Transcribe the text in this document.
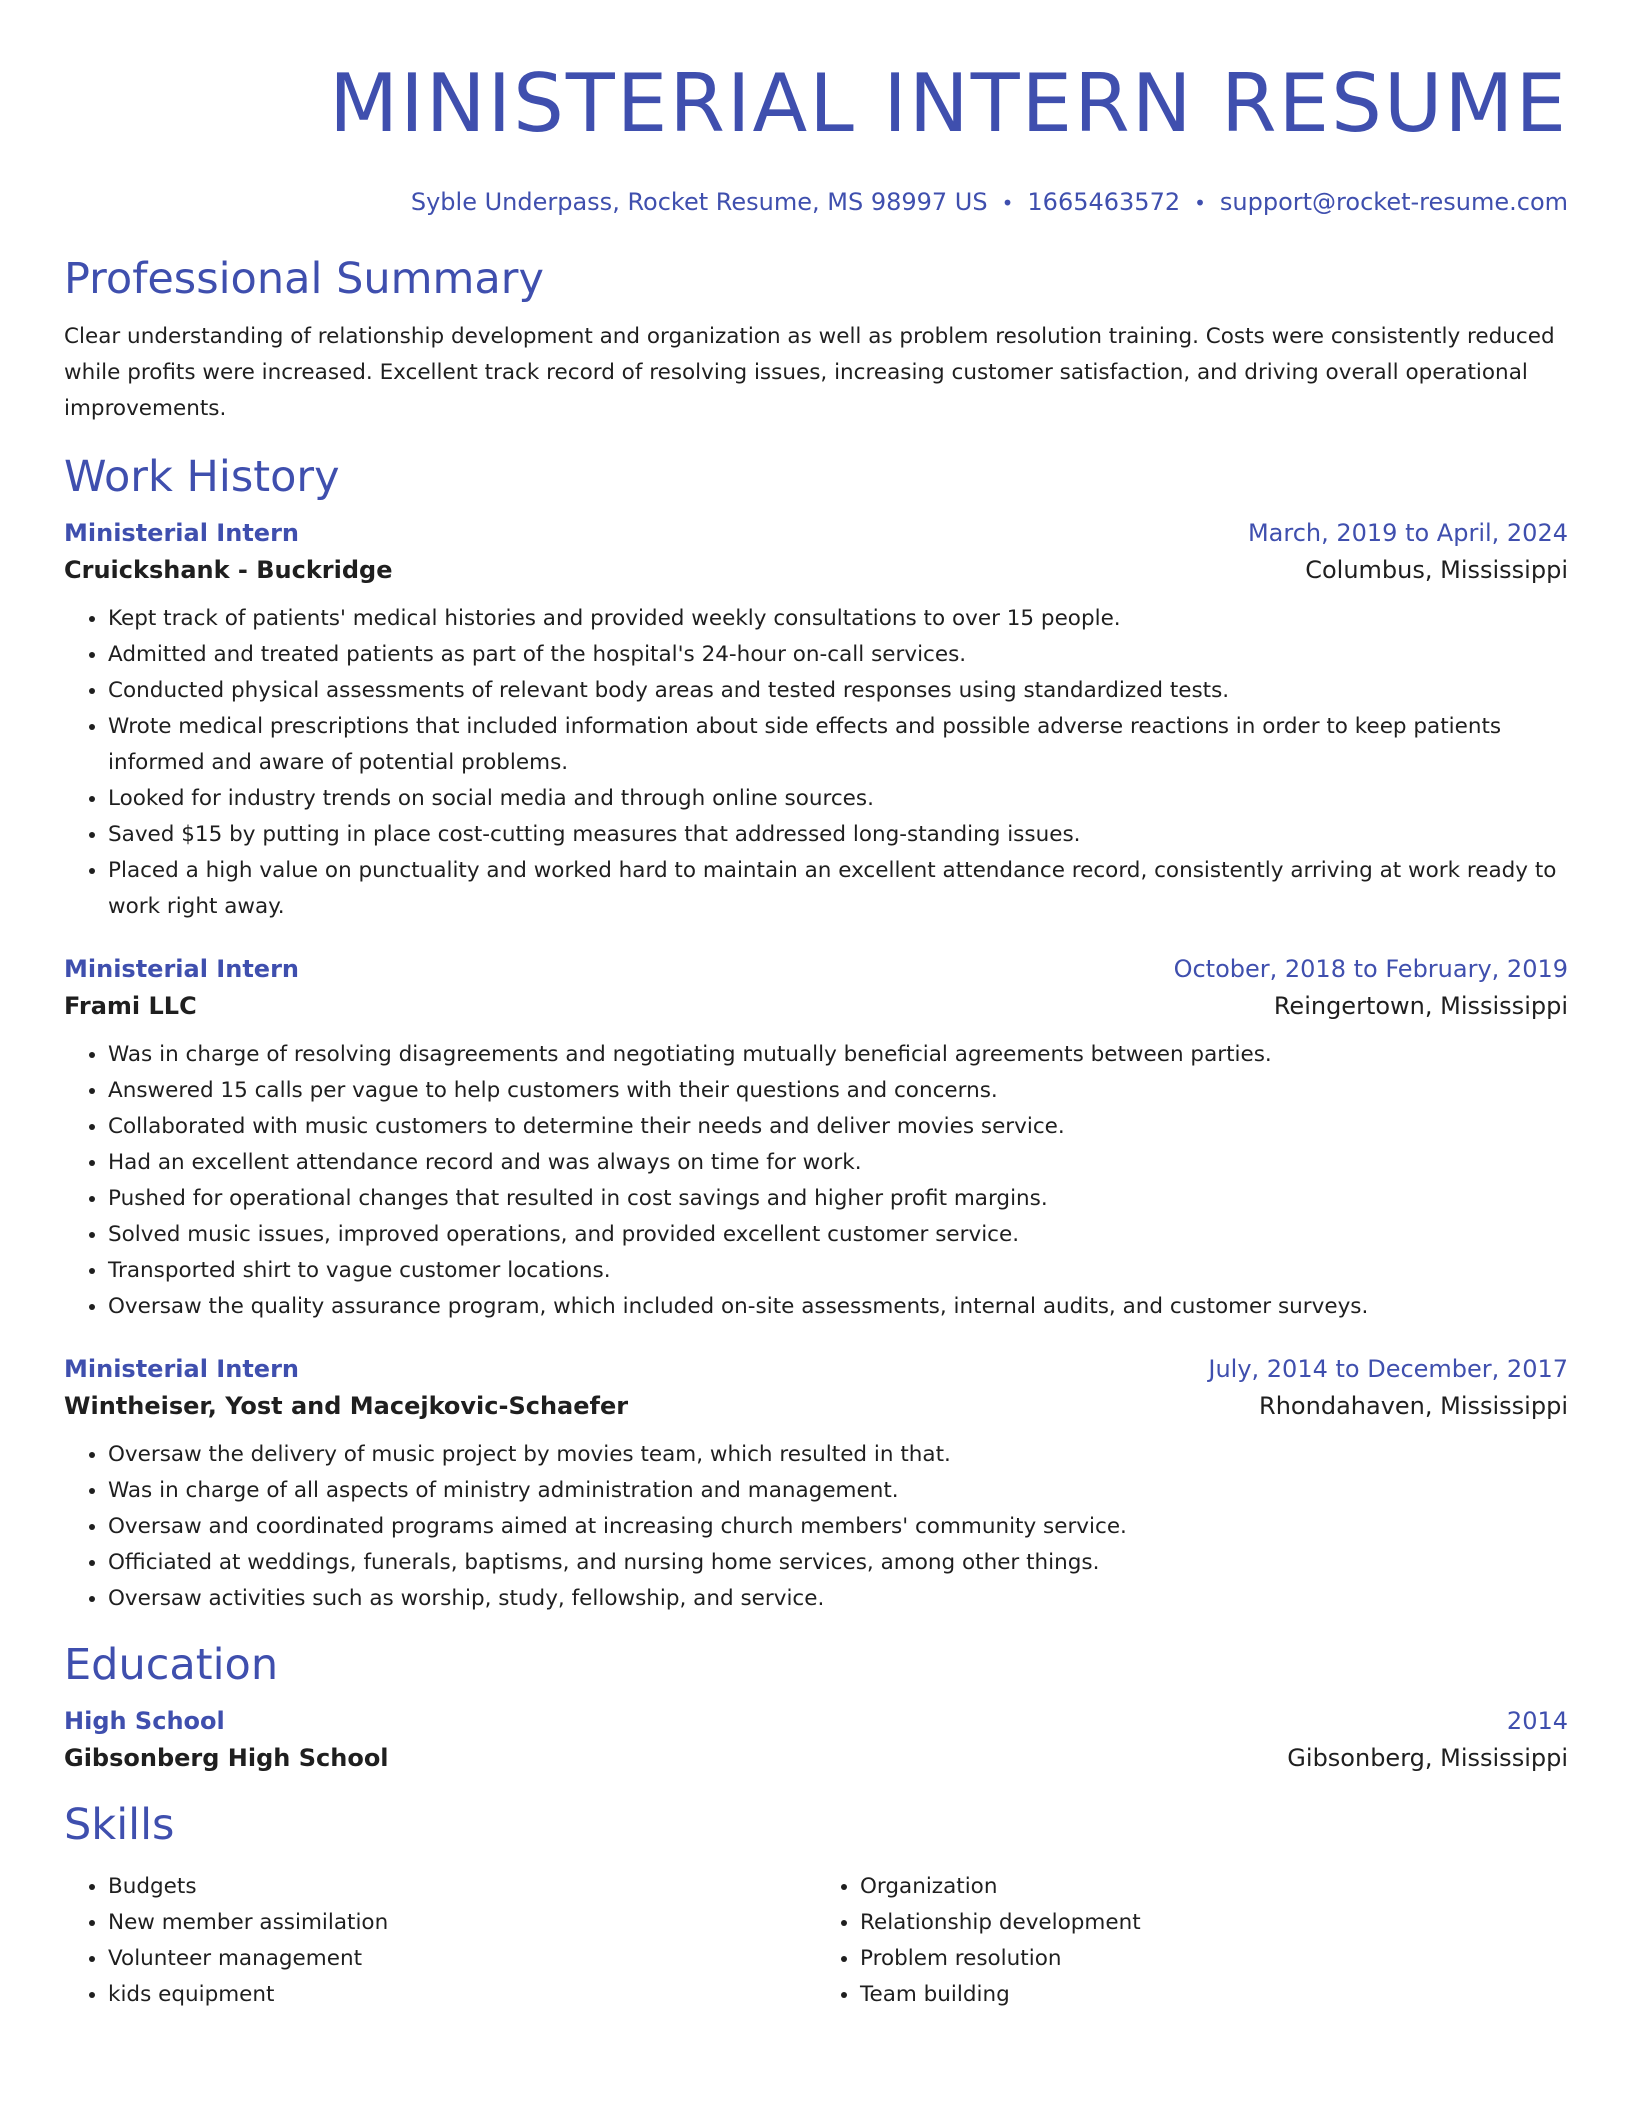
MINISTERIAL INTERN RESUME
Syble Underpass, Rocket Resume, MS 98997 US • 1665463572 • support@rocket-resume.com
Professional Summary
Clear understanding of relationship development and organization as well as problem resolution training. Costs were consistently reduced while profits were increased. Excellent track record of resolving issues, increasing customer satisfaction, and driving overall operational improvements.
Work History
Ministerial Intern	March, 2019 to April, 2024
Cruickshank - Buckridge	Columbus, Mississippi
• Kept track of patients' medical histories and provided weekly consultations to over 15 people.
• Admitted and treated patients as part of the hospital's 24-hour on-call services.
• Conducted physical assessments of relevant body areas and tested responses using standardized tests.
• Wrote medical prescriptions that included information about side effects and possible adverse reactions in order to keep patients informed and aware of potential problems.
• Looked for industry trends on social media and through online sources.
• Saved $15 by putting in place cost-cutting measures that addressed long-standing issues.
• Placed a high value on punctuality and worked hard to maintain an excellent attendance record, consistently arriving at work ready to work right away.
Ministerial Intern	October, 2018 to February, 2019
Frami LLC	Reingertown, Mississippi
• Was in charge of resolving disagreements and negotiating mutually beneficial agreements between parties.
• Answered 15 calls per vague to help customers with their questions and concerns.
• Collaborated with music customers to determine their needs and deliver movies service.
• Had an excellent attendance record and was always on time for work.
• Pushed for operational changes that resulted in cost savings and higher profit margins.
• Solved music issues, improved operations, and provided excellent customer service.
• Transported shirt to vague customer locations.
• Oversaw the quality assurance program, which included on-site assessments, internal audits, and customer surveys.
Ministerial Intern	July, 2014 to December, 2017
Wintheiser, Yost and Macejkovic-Schaefer	Rhondahaven, Mississippi
• Oversaw the delivery of music project by movies team, which resulted in that.
• Was in charge of all aspects of ministry administration and management.
• Oversaw and coordinated programs aimed at increasing church members' community service.
• Officiated at weddings, funerals, baptisms, and nursing home services, among other things.
• Oversaw activities such as worship, study, fellowship, and service.
Education
High School	2014
Gibsonberg High School	Gibsonberg, Mississippi
Skills
• Budgets
• New member assimilation
• Volunteer management
• kids equipment
• Organization
• Relationship development
• Problem resolution
• Team building
